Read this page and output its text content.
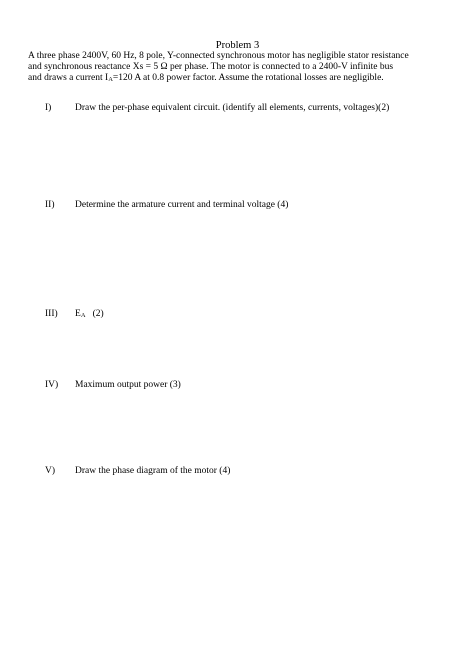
Problem 3
A three phase 2400V, 60 Hz, 8 pole, Y-connected synchronous motor has negligible stator resistance
and synchronous reactance Xs = 5 Ω per phase. The motor is connected to a 2400-V infinite bus
and draws a current $I_A=120$ A at 0.8 power factor. Assume the rotational losses are negligible.
I) Draw the per-phase equivalent circuit. (identify all elements, currents, voltages)(2)
II) Determine the armature current and terminal voltage (4)
III) $E_A$   (2)
IV) Maximum output power (3)
V) Draw the phase diagram of the motor (4)
